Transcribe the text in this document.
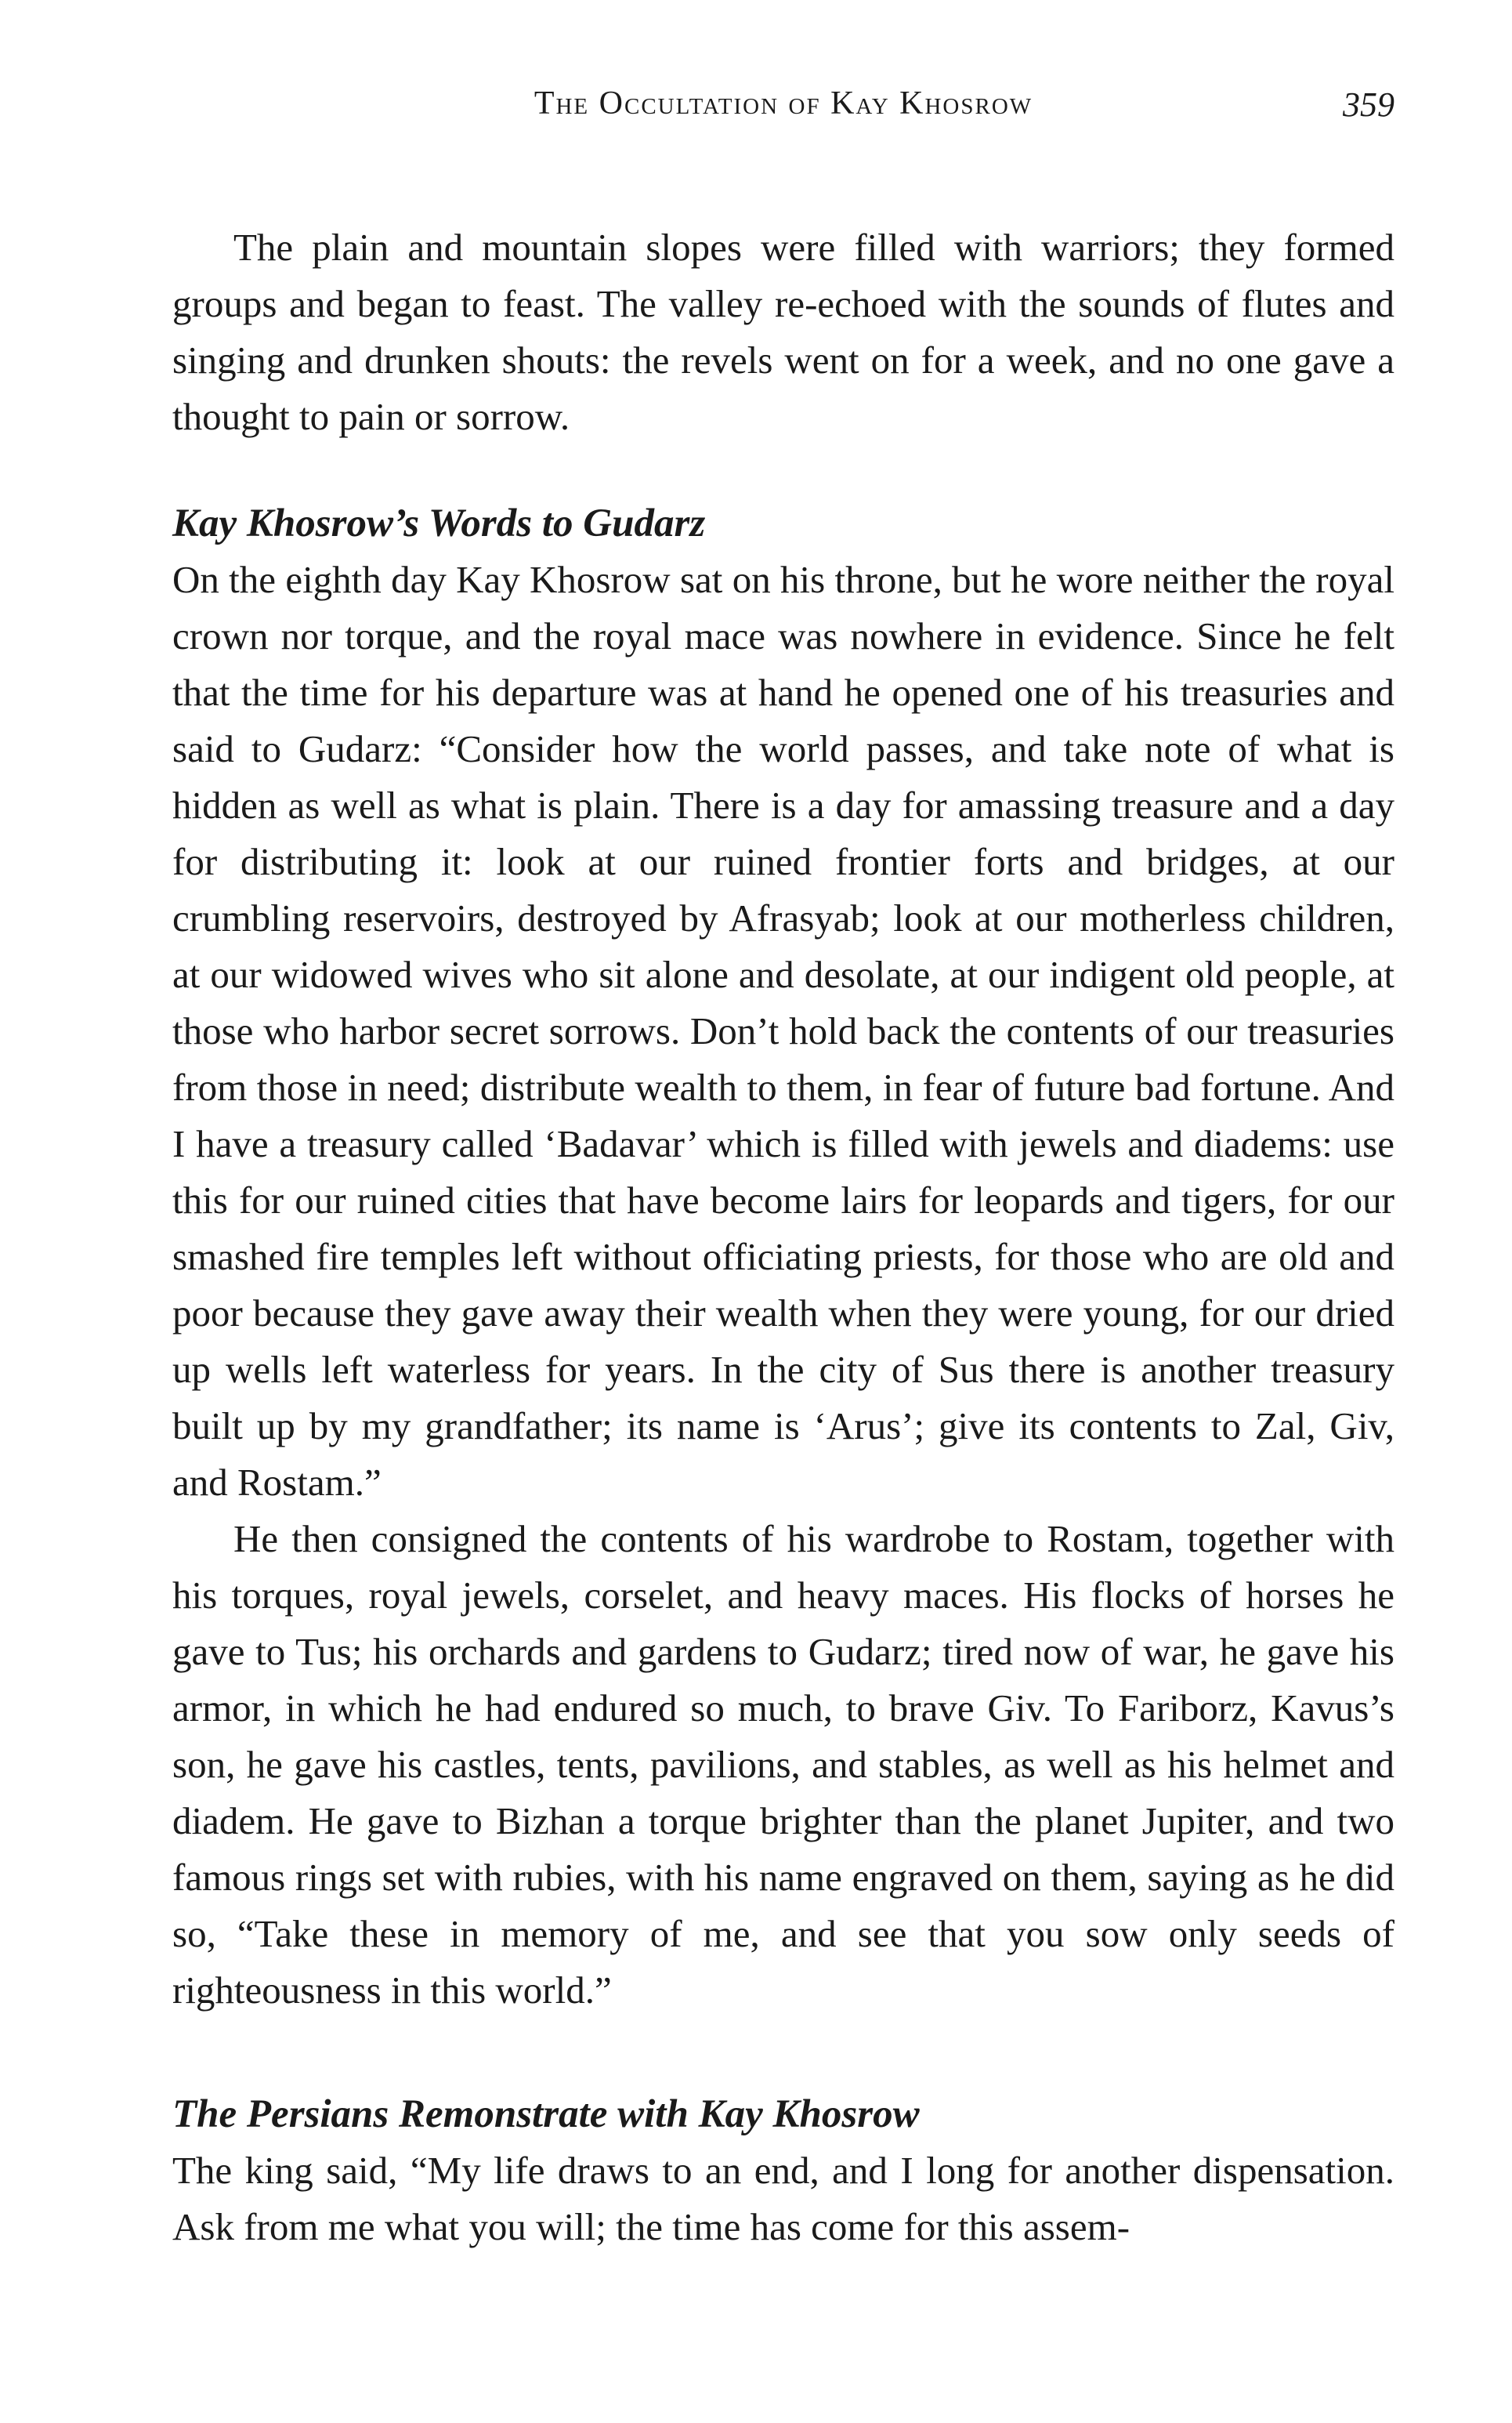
The Occultation of Kay Khosrow	359

The plain and mountain slopes were filled with warriors; they formed groups and began to feast. The valley re-echoed with the sounds of flutes and singing and drunken shouts: the revels went on for a week, and no one gave a thought to pain or sorrow.

Kay Khosrow’s Words to Gudarz

On the eighth day Kay Khosrow sat on his throne, but he wore neither the royal crown nor torque, and the royal mace was nowhere in evidence. Since he felt that the time for his departure was at hand he opened one of his treasuries and said to Gudarz: “Consider how the world passes, and take note of what is hidden as well as what is plain. There is a day for amassing treasure and a day for distributing it: look at our ruined frontier forts and bridges, at our crumbling reservoirs, destroyed by Afrasyab; look at our motherless children, at our widowed wives who sit alone and desolate, at our indigent old people, at those who harbor secret sorrows. Don’t hold back the contents of our treasuries from those in need; distribute wealth to them, in fear of future bad fortune. And I have a treasury called ‘Badavar’ which is filled with jewels and diadems: use this for our ruined cities that have become lairs for leopards and tigers, for our smashed fire temples left without officiating priests, for those who are old and poor because they gave away their wealth when they were young, for our dried up wells left waterless for years. In the city of Sus there is another treasury built up by my grandfather; its name is ‘Arus’; give its contents to Zal, Giv, and Rostam.”

He then consigned the contents of his wardrobe to Rostam, together with his torques, royal jewels, corselet, and heavy maces. His flocks of horses he gave to Tus; his orchards and gardens to Gudarz; tired now of war, he gave his armor, in which he had endured so much, to brave Giv. To Fariborz, Kavus’s son, he gave his castles, tents, pavilions, and stables, as well as his helmet and diadem. He gave to Bizhan a torque brighter than the planet Jupiter, and two famous rings set with rubies, with his name engraved on them, saying as he did so, “Take these in memory of me, and see that you sow only seeds of righteousness in this world.”

The Persians Remonstrate with Kay Khosrow

The king said, “My life draws to an end, and I long for another dispensation. Ask from me what you will; the time has come for this assem-
